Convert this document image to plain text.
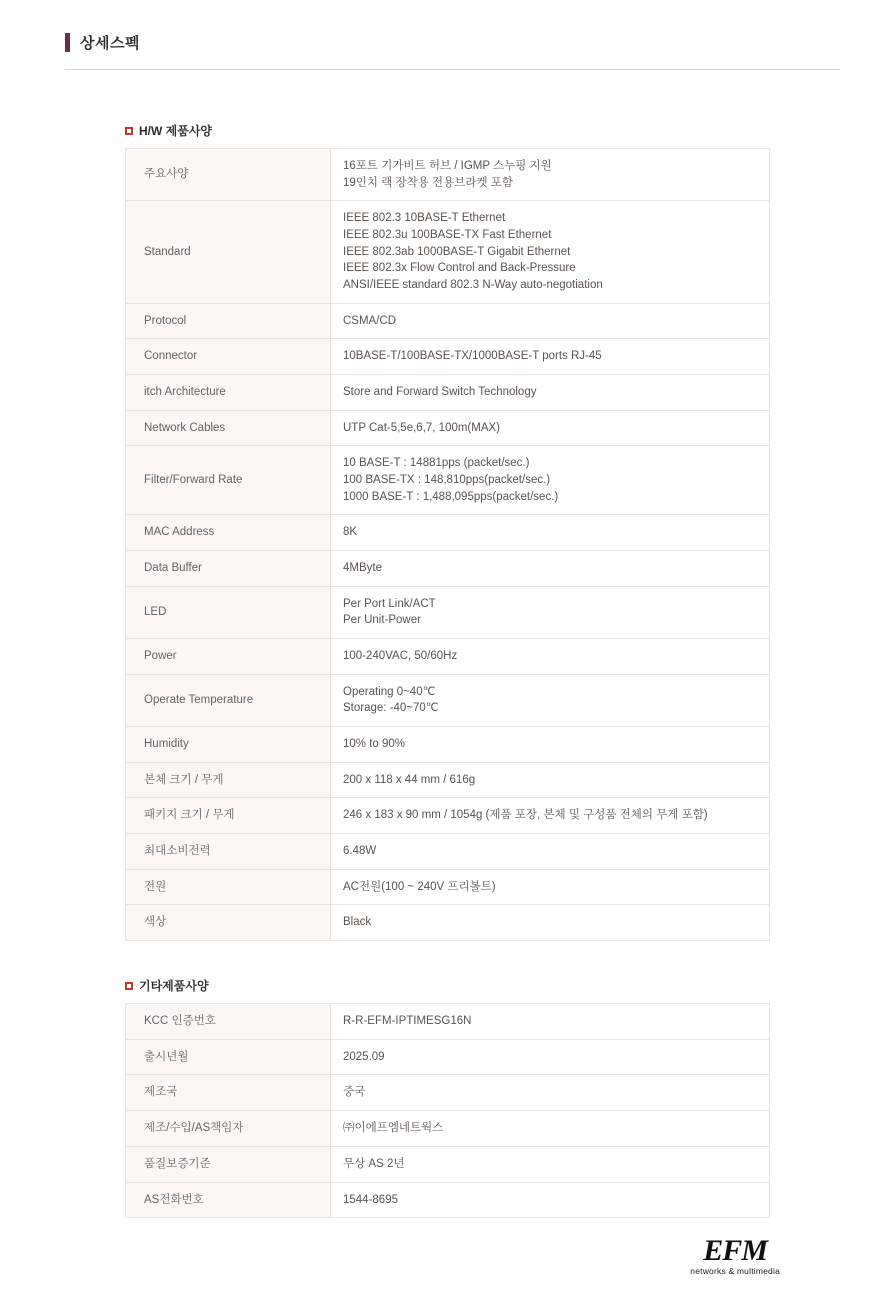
상세스펙
H/W 제품사양
주요사양	16포트 기가비트 허브 / IGMP 스누핑 지원
19인치 랙 장착용 전용브라켓 포함

Standard	IEEE 802.3 10BASE-T Ethernet
IEEE 802.3u 100BASE-TX Fast Ethernet
IEEE 802.3ab 1000BASE-T Gigabit Ethernet
IEEE 802.3x Flow Control and Back-Pressure
ANSI/IEEE standard 802.3 N-Way auto-negotiation

Protocol	CSMA/CD

Connector	10BASE-T/100BASE-TX/1000BASE-T ports RJ-45

itch Architecture	Store and Forward Switch Technology

Network Cables	UTP Cat-5,5e,6,7, 100m(MAX)

Filter/Forward Rate	10 BASE-T : 14881pps (packet/sec.)
100 BASE-TX : 148,810pps(packet/sec.)
1000 BASE-T : 1,488,095pps(packet/sec.)

MAC Address	8K

Data Buffer	4MByte

LED	Per Port Link/ACT
Per Unit-Power

Power	100-240VAC, 50/60Hz

Operate Temperature	Operating 0~40℃
Storage: -40~70℃

Humidity	10% to 90%

본체 크기 / 무게	200 x 118 x 44 mm / 616g

패키지 크기 / 무게	246 x 183 x 90 mm / 1054g (제품 포장, 본체 및 구성품 전체의 무게 포함)

최대소비전력	6.48W

전원	AC전원(100 ~ 240V 프리볼트)

색상	Black
기타제품사양
KCC 인증번호	R-R-EFM-IPTIMESG16N

출시년월	2025.09

제조국	중국

제조/수입/AS책임자	㈜이에프엠네트웍스

품질보증기준	무상 AS 2년

AS전화번호	1544-8695
EFM
networks & multimedia
